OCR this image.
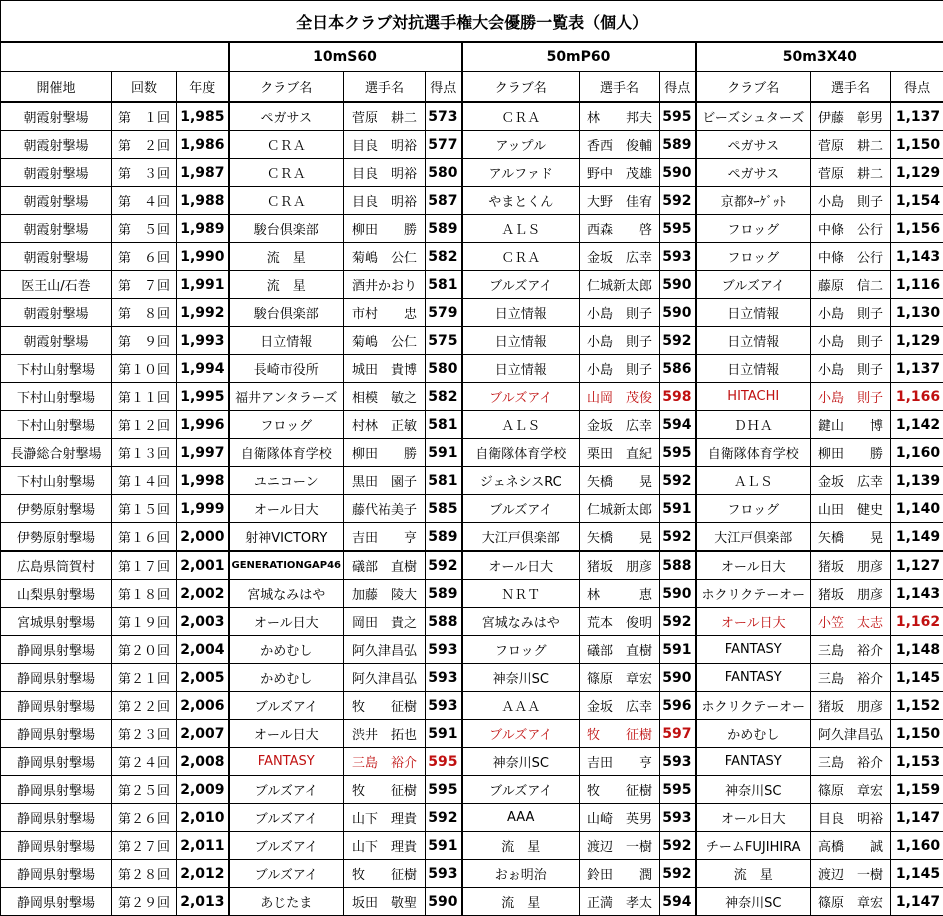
全日本クラブ対抗選手権大会優勝一覧表（個人）											
			10mS60			50mP60			50m3X40		
開催地	回数	年度	クラブ名	選手名	得点	クラブ名	選手名	得点	クラブ名	選手名	得点
朝霞射撃場	第　１回	1,985	ペガサス	菅原　耕二	573	ＣＲＡ	林　　邦夫	595	ビーズシュターズ	伊藤　彰男	1,137
朝霞射撃場	第　２回	1,986	ＣＲＡ	目良　明裕	577	アップル	香西　俊輔	589	ペガサス	菅原　耕二	1,150
朝霞射撃場	第　３回	1,987	ＣＲＡ	目良　明裕	580	アルファド	野中　茂雄	590	ペガサス	菅原　耕二	1,129
朝霞射撃場	第　４回	1,988	ＣＲＡ	目良　明裕	587	やまとくん	大野　佳宥	592	京都ﾀｰｹﾞｯﾄ	小島　則子	1,154
朝霞射撃場	第　５回	1,989	駿台倶楽部	柳田　　勝	589	ＡＬＳ	西森　　啓	595	フロッグ	中條　公行	1,156
朝霞射撃場	第　６回	1,990	流　星	菊嶋　公仁	582	ＣＲＡ	金坂　広幸	593	フロッグ	中條　公行	1,143
医王山/石巻	第　７回	1,991	流　星	酒井かおり	581	ブルズアイ	仁城新太郎	590	ブルズアイ	藤原　信二	1,116
朝霞射撃場	第　８回	1,992	駿台倶楽部	市村　　忠	579	日立情報	小島　則子	590	日立情報	小島　則子	1,130
朝霞射撃場	第　９回	1,993	日立情報	菊嶋　公仁	575	日立情報	小島　則子	592	日立情報	小島　則子	1,129
下村山射撃場	第１０回	1,994	長崎市役所	城田　貴博	580	日立情報	小島　則子	586	日立情報	小島　則子	1,137
下村山射撃場	第１１回	1,995	福井アンタラーズ	相模　敏之	582	ブルズアイ	山岡　茂俊	598	HITACHI	小島　則子	1,166
下村山射撃場	第１２回	1,996	フロッグ	村林　正敏	581	ＡＬＳ	金坂　広幸	594	ＤＨＡ	鍵山　　博	1,142
長瀞総合射撃場	第１３回	1,997	自衛隊体育学校	柳田　　勝	591	自衛隊体育学校	栗田　直紀	595	自衛隊体育学校	柳田　　勝	1,160
下村山射撃場	第１４回	1,998	ユニコーン	黒田　園子	581	ジェネシスRC	矢橋　　晃	592	ＡＬＳ	金坂　広幸	1,139
伊勢原射撃場	第１５回	1,999	オール日大	藤代祐美子	585	ブルズアイ	仁城新太郎	591	フロッグ	山田　健史	1,140
伊勢原射撃場	第１６回	2,000	射神VICTORY	吉田　　亨	589	大江戸倶楽部	矢橋　　晃	592	大江戸倶楽部	矢橋　　晃	1,149
広島県筒賀村	第１７回	2,001	GENERATIONGAP46	礒部　直樹	592	オール日大	猪坂　朋彦	588	オール日大	猪坂　朋彦	1,127
山梨県射撃場	第１８回	2,002	宮城なみはや	加藤　陵大	589	ＮＲＴ	林　　　恵	590	ホクリクテーオー	猪坂　朋彦	1,143
宮城県射撃場	第１９回	2,003	オール日大	岡田　貴之	588	宮城なみはや	荒本　俊明	592	オール日大	小笠　太志	1,162
静岡県射撃場	第２０回	2,004	かめむし	阿久津昌弘	593	フロッグ	礒部　直樹	591	FANTASY	三島　裕介	1,148
静岡県射撃場	第２１回	2,005	かめむし	阿久津昌弘	593	神奈川SC	篠原　章宏	590	FANTASY	三島　裕介	1,145
静岡県射撃場	第２２回	2,006	ブルズアイ	牧　　征樹	593	ＡＡＡ	金坂　広幸	596	ホクリクテーオー	猪坂　朋彦	1,152
静岡県射撃場	第２３回	2,007	オール日大	渋井　拓也	591	ブルズアイ	牧　　征樹	597	かめむし	阿久津昌弘	1,150
静岡県射撃場	第２４回	2,008	FANTASY	三島　裕介	595	神奈川SC	吉田　　亨	593	FANTASY	三島　裕介	1,153
静岡県射撃場	第２５回	2,009	ブルズアイ	牧　　征樹	595	ブルズアイ	牧　　征樹	595	神奈川SC	篠原　章宏	1,159
静岡県射撃場	第２６回	2,010	ブルズアイ	山下　理貴	592	AAA	山崎　英男	593	オール日大	目良　明裕	1,147
静岡県射撃場	第２７回	2,011	ブルズアイ	山下　理貴	591	流　星	渡辺　一樹	592	チームFUJIHIRA	高橋　　誠	1,160
静岡県射撃場	第２８回	2,012	ブルズアイ	牧　　征樹	593	おぉ明治	鈴田　　潤	592	流　星	渡辺　一樹	1,145
静岡県射撃場	第２９回	2,013	あじたま	坂田　敬聖	590	流　星	正満　孝太	594	神奈川SC	篠原　章宏	1,147
